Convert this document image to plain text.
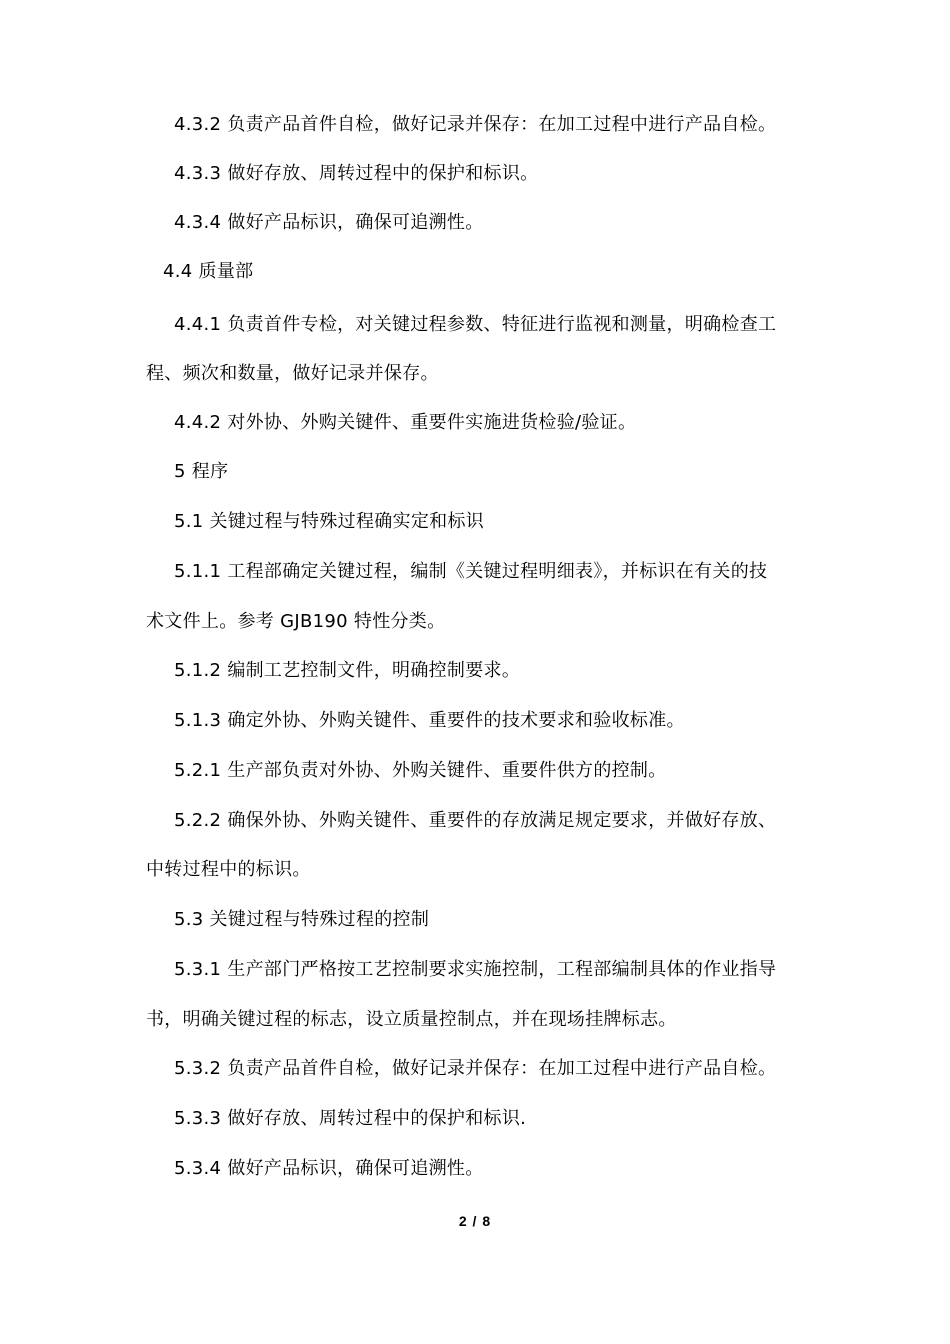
4.3.2 负责产品首件自检，做好记录并保存：在加工过程中进行产品自检。
4.3.3 做好存放、周转过程中的保护和标识。
4.3.4 做好产品标识，确保可追溯性。
4.4 质量部
4.4.1 负责首件专检，对关键过程参数、特征进行监视和测量，明确检查工
程、频次和数量，做好记录并保存。
4.4.2 对外协、外购关键件、重要件实施进货检验/验证。
5 程序
5.1 关键过程与特殊过程确实定和标识
5.1.1 工程部确定关键过程，编制《关键过程明细表》，并标识在有关的技
术文件上。参考 GJB190 特性分类。
5.1.2 编制工艺控制文件，明确控制要求。
5.1.3 确定外协、外购关键件、重要件的技术要求和验收标准。
5.2.1 生产部负责对外协、外购关键件、重要件供方的控制。
5.2.2 确保外协、外购关键件、重要件的存放满足规定要求，并做好存放、
中转过程中的标识。
5.3 关键过程与特殊过程的控制
5.3.1 生产部门严格按工艺控制要求实施控制，工程部编制具体的作业指导
书，明确关键过程的标志，设立质量控制点，并在现场挂牌标志。
5.3.2 负责产品首件自检，做好记录并保存：在加工过程中进行产品自检。
5.3.3 做好存放、周转过程中的保护和标识.
5.3.4 做好产品标识，确保可追溯性。
2 / 8
